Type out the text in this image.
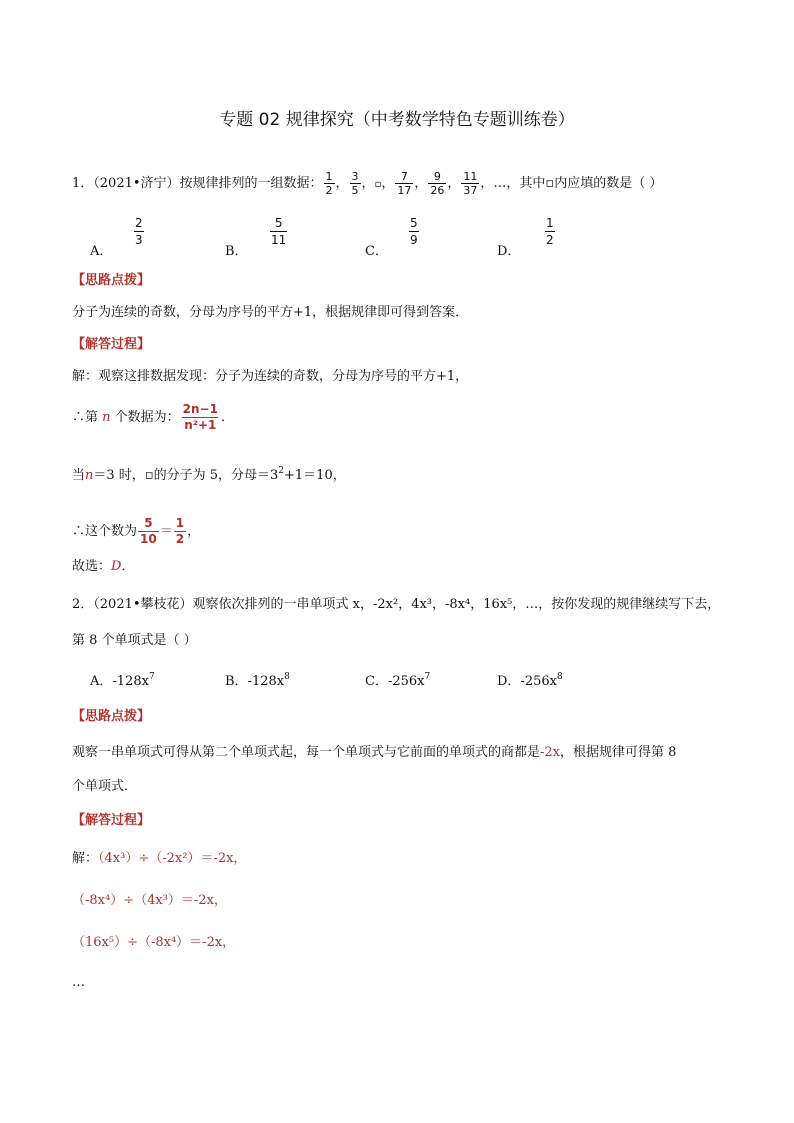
专题 02 规律探究（中考数学特色专题训练卷）
1．（2021•济宁）按规律排列的一组数据： $\frac{1}{2}$ ， $\frac{3}{5}$ ，▫， $\frac{7}{17}$ ， $\frac{9}{26}$ ， $\frac{11}{37}$ ，…，其中▫内应填的数是（ ）
A．
2
3
B．
5
11
C．
5
9
D．
1
2
【思路点拨】
分子为连续的奇数，分母为序号的平方+1，根据规律即可得到答案．
【解答过程】
解：观察这排数据发现：分子为连续的奇数，分母为序号的平方+1，
∴第 n 个数据为： $\frac{2n-1}{\text{n²+1}}$ ．
当n＝3 时，▫的分子为 5，分母$=3^2+1=10$，
∴这个数为 $\frac{5}{10} = \frac{1}{2}$ ，
故选：D．
2．（2021•攀枝花）观察依次排列的一串单项式 x，-2x²，4x³，-8x⁴，16x⁵，…，按你发现的规律继续写下去，
第 8 个单项式是（ ）
A．$-128x^7$	B．$-128x^8$	C．$-256x^7$	D．$-256x^8$
【思路点拨】
观察一串单项式可得从第二个单项式起，每一个单项式与它前面的单项式的商都是-2x，根据规律可得第 8
个单项式．
【解答过程】
解：（4x³）÷（-2x²）＝-2x，
（-8x⁴）÷（4x³）＝-2x，
（16x⁵）÷（-8x⁴）＝-2x，
…
